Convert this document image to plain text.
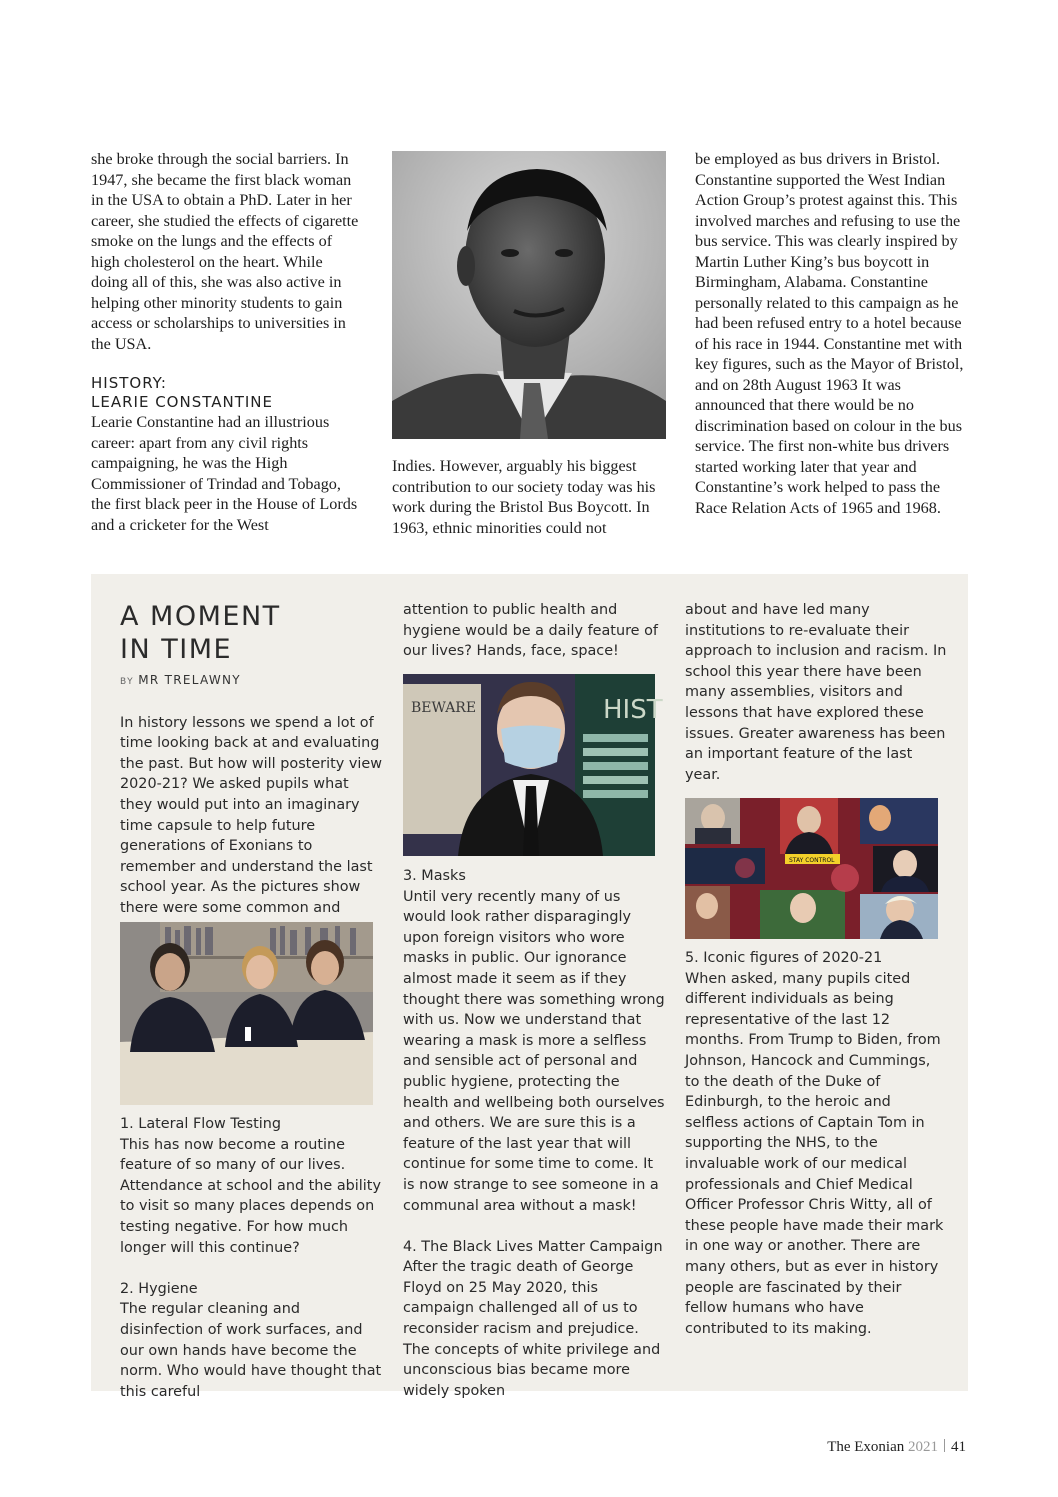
she broke through the social barriers. In 1947, she became the first black woman in the USA to obtain a PhD. Later in her career, she studied the effects of cigarette smoke on the lungs and the effects of high cholesterol on the heart. While doing all of this, she was also active in helping other minority students to gain access or scholarships to universities in the USA.

HISTORY:
LEARIE CONSTANTINE

Learie Constantine had an illustrious career: apart from any civil rights campaigning, he was the High Commissioner of Trindad and Tobago, the first black peer in the House of Lords and a cricketer for the West

Indies. However, arguably his biggest contribution to our society today was his work during the Bristol Bus Boycott. In 1963, ethnic minorities could not

be employed as bus drivers in Bristol. Constantine supported the West Indian Action Group’s protest against this. This involved marches and refusing to use the bus service. This was clearly inspired by Martin Luther King’s bus boycott in Birmingham, Alabama. Constantine personally related to this campaign as he had been refused entry to a hotel because of his race in 1944. Constantine met with key figures, such as the Mayor of Bristol, and on 28th August 1963 It was announced that there would be no discrimination based on colour in the bus service. The first non-white bus drivers started working later that year and Constantine’s work helped to pass the Race Relation Acts of 1965 and 1968.

A MOMENT
IN TIME
BY MR TRELAWNY

In history lessons we spend a lot of time looking back at and evaluating the past. But how will posterity view 2020-21? We asked pupils what they would put into an imaginary time capsule to help future generations of Exonians to remember and understand the last school year. As the pictures show there were some common and

1. Lateral Flow Testing

This has now become a routine feature of so many of our lives. Attendance at school and the ability to visit so many places depends on testing negative. For how much longer will this continue?

2. Hygiene

The regular cleaning and disinfection of work surfaces, and our own hands have become the norm. Who would have thought that this careful

attention to public health and hygiene would be a daily feature of our lives? Hands, face, space!

BEWARE	HIST

3. Masks

Until very recently many of us would look rather disparagingly upon foreign visitors who wore masks in public. Our ignorance almost made it seem as if they thought there was something wrong with us. Now we understand that wearing a mask is more a selfless and sensible act of personal and public hygiene, protecting the health and wellbeing both ourselves and others. We are sure this is a feature of the last year that will continue for some time to come. It is now strange to see someone in a communal area without a mask!

4. The Black Lives Matter Campaign

After the tragic death of George Floyd on 25 May 2020, this campaign challenged all of us to reconsider racism and prejudice. The concepts of white privilege and unconscious bias became more widely spoken

about and have led many institutions to re-evaluate their approach to inclusion and racism. In school this year there have been many assemblies, visitors and lessons that have explored these issues. Greater awareness has been an important feature of the last year.

STAY CONTROL

5. Iconic figures of 2020-21

When asked, many pupils cited different individuals as being representative of the last 12 months. From Trump to Biden, from Johnson, Hancock and Cummings, to the death of the Duke of Edinburgh, to the heroic and selfless actions of Captain Tom in supporting the NHS, to the invaluable work of our medical professionals and Chief Medical Officer Professor Chris Witty, all of these people have made their mark in one way or another. There are many others, but as ever in history people are fascinated by their fellow humans who have contributed to its making.

The Exonian 2021 41
